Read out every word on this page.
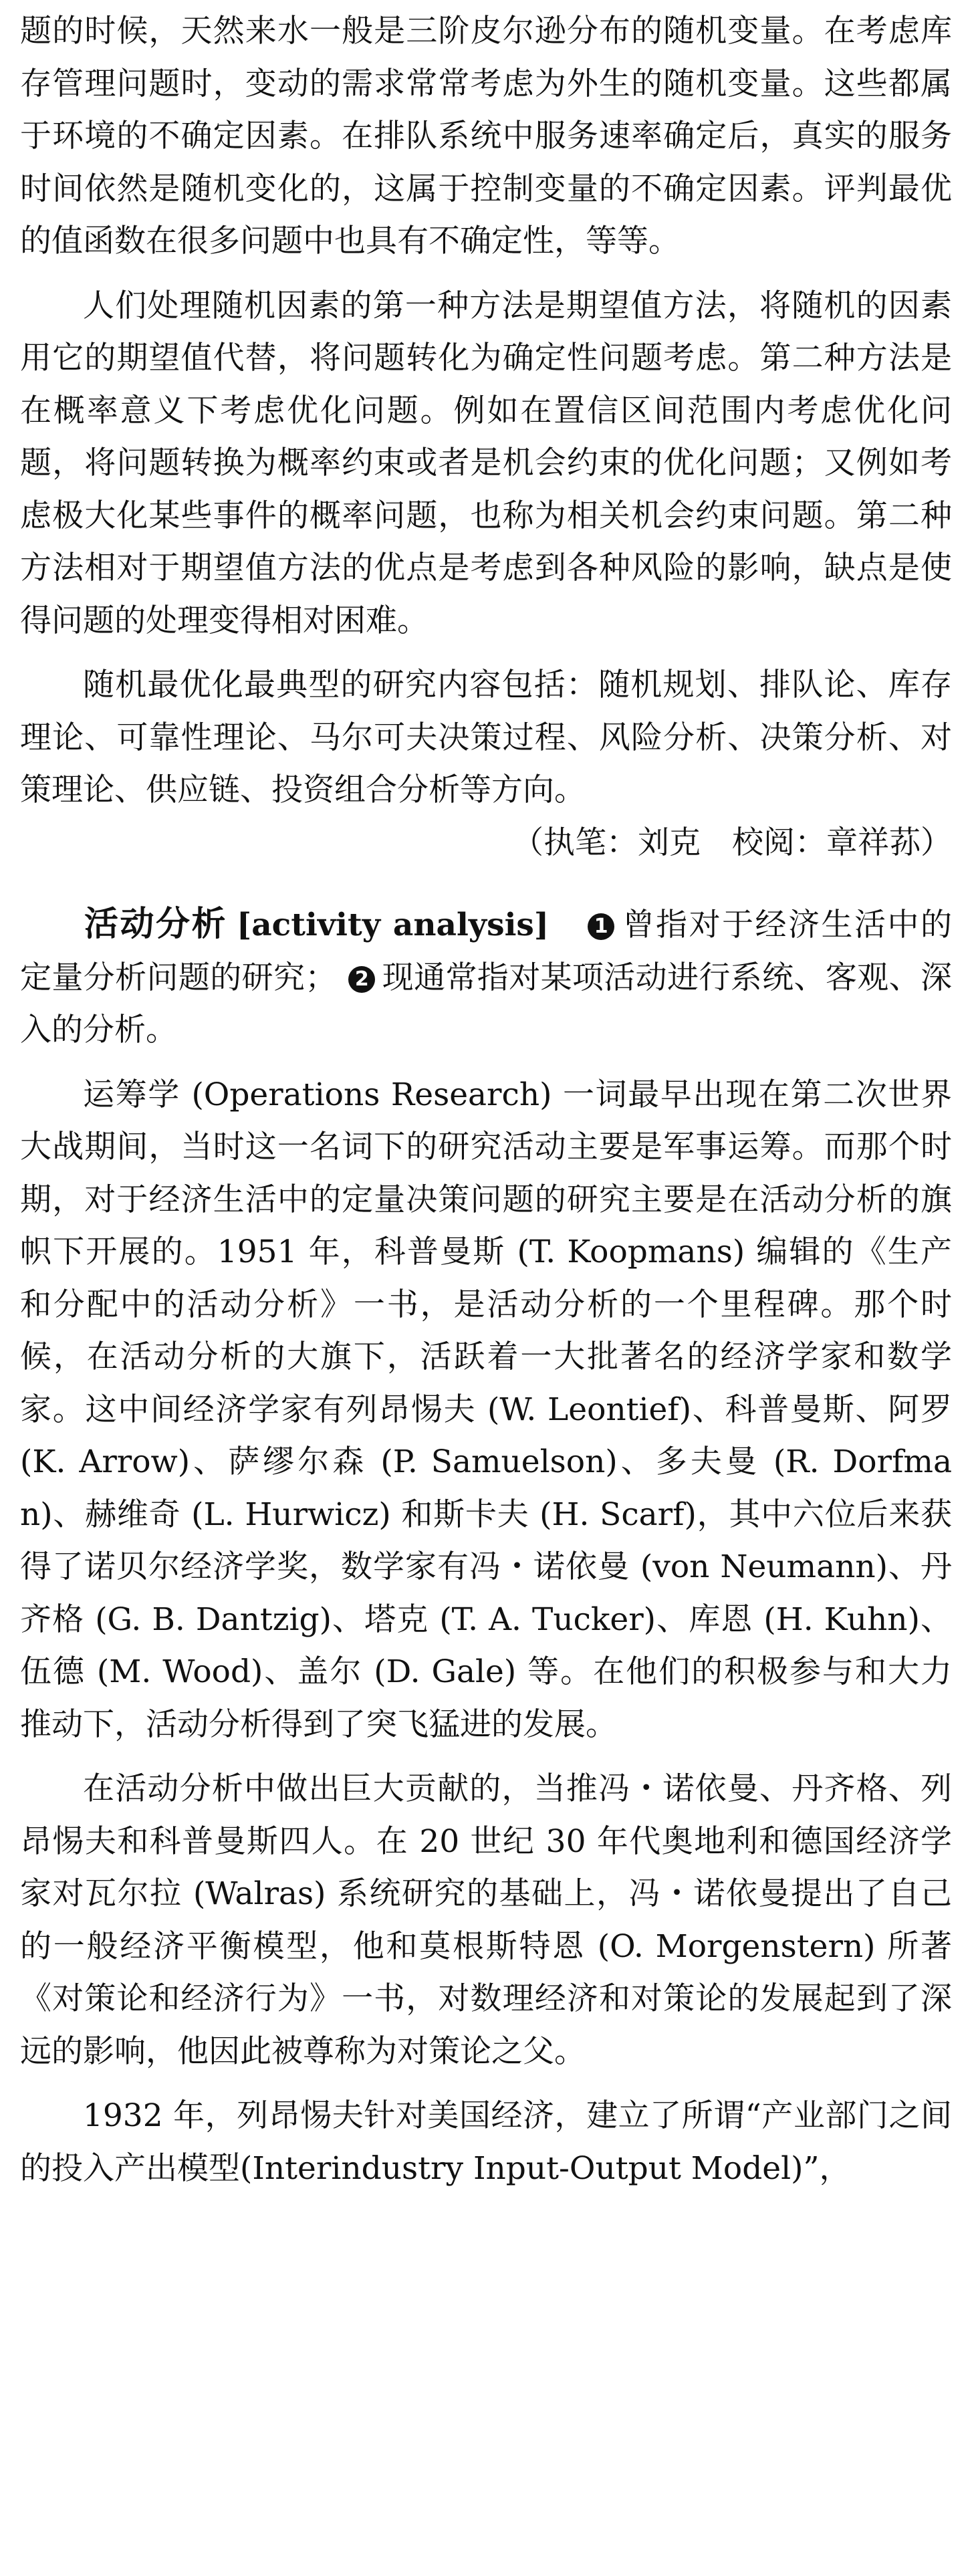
题的时候，天然来水一般是三阶皮尔逊分布的随机变量。在考虑库存管理问题时，变动的需求常常考虑为外生的随机变量。这些都属于环境的不确定因素。在排队系统中服务速率确定后，真实的服务时间依然是随机变化的，这属于控制变量的不确定因素。评判最优的值函数在很多问题中也具有不确定性，等等。

人们处理随机因素的第一种方法是期望值方法，将随机的因素用它的期望值代替，将问题转化为确定性问题考虑。第二种方法是在概率意义下考虑优化问题。例如在置信区间范围内考虑优化问题，将问题转换为概率约束或者是机会约束的优化问题；又例如考虑极大化某些事件的概率问题，也称为相关机会约束问题。第二种方法相对于期望值方法的优点是考虑到各种风险的影响，缺点是使得问题的处理变得相对困难。

随机最优化最典型的研究内容包括：随机规划、排队论、库存理论、可靠性理论、马尔可夫决策过程、风险分析、决策分析、对策理论、供应链、投资组合分析等方向。

（执笔：刘克　校阅：章祥荪）

活动分析 [activity analysis] 1 曾指对于经济生活中的定量分析问题的研究； 2 现通常指对某项活动进行系统、客观、深入的分析。

运筹学 (Operations Research) 一词最早出现在第二次世界大战期间，当时这一名词下的研究活动主要是军事运筹。而那个时期，对于经济生活中的定量决策问题的研究主要是在活动分析的旗帜下开展的。1951 年，科普曼斯 (T. Koopmans) 编辑的《生产和分配中的活动分析》一书，是活动分析的一个里程碑。那个时候，在活动分析的大旗下，活跃着一大批著名的经济学家和数学家。这中间经济学家有列昂惕夫 (W. Leontief)、科普曼斯、阿罗 (K. Arrow)、萨缪尔森 (P. Samuelson)、多夫曼 (R. Dorfman)、赫维奇 (L. Hurwicz) 和斯卡夫 (H. Scarf)，其中六位后来获得了诺贝尔经济学奖，数学家有冯・诺依曼 (von Neumann)、丹齐格 (G. B. Dantzig)、塔克 (T. A. Tucker)、库恩 (H. Kuhn)、伍德 (M. Wood)、盖尔 (D. Gale) 等。在他们的积极参与和大力推动下，活动分析得到了突飞猛进的发展。

在活动分析中做出巨大贡献的，当推冯・诺依曼、丹齐格、列昂惕夫和科普曼斯四人。在 20 世纪 30 年代奥地利和德国经济学家对瓦尔拉 (Walras) 系统研究的基础上，冯・诺依曼提出了自己的一般经济平衡模型，他和莫根斯特恩 (O. Morgenstern) 所著《对策论和经济行为》一书，对数理经济和对策论的发展起到了深远的影响，他因此被尊称为对策论之父。

1932 年，列昂惕夫针对美国经济，建立了所谓“产业部门之间的投入产出模型(Interindustry Input-Output Model)”，
